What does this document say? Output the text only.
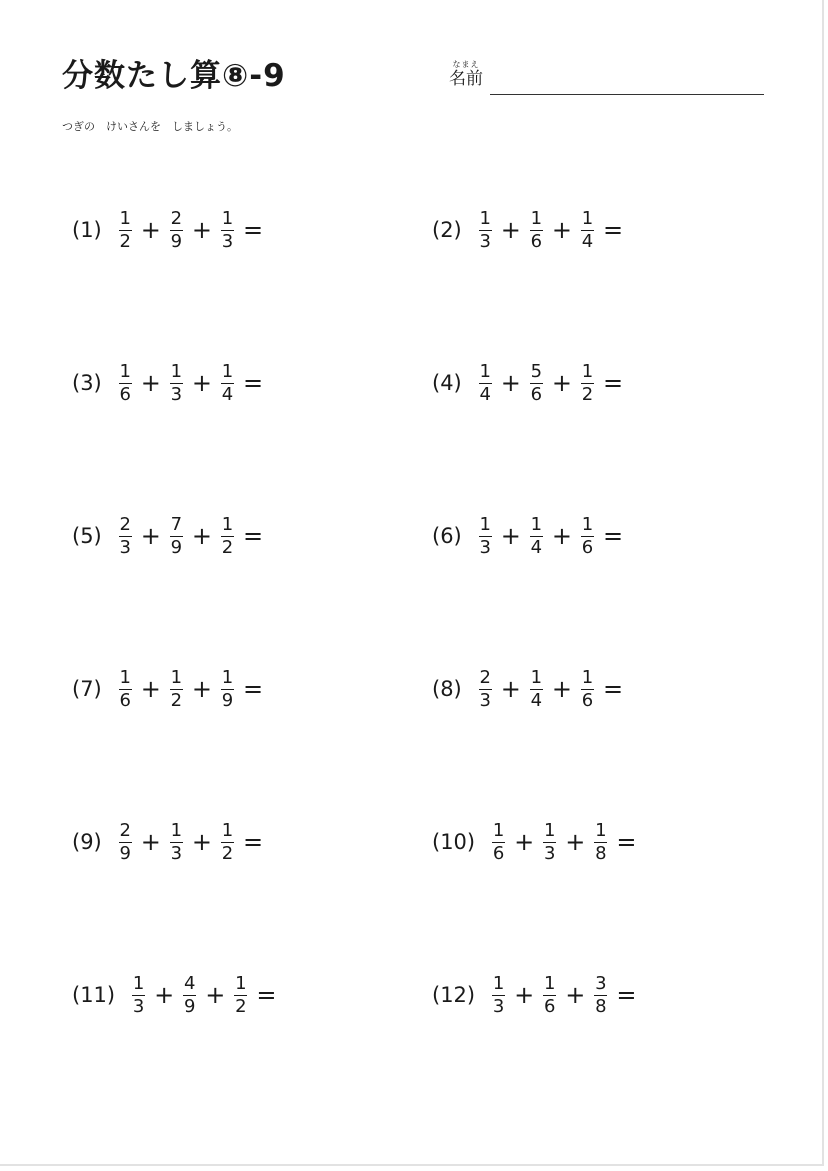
分数たし算⑧-9	なまえ
名前
つぎの　けいさんを　しましょう。
$(1) \frac{1}{2} + \frac{2}{9} + \frac{1}{3}$ =	$(2) \frac{1}{3} + \frac{1}{6} + \frac{1}{4}$ =
$(3) \frac{1}{6} + \frac{1}{3} + \frac{1}{4}$ =	$(4) \frac{1}{4} + \frac{5}{6} + \frac{1}{2}$ =
$(5) \frac{2}{3} + \frac{7}{9} + \frac{1}{2}$ =	$(6) \frac{1}{3} + \frac{1}{4} + \frac{1}{6}$ =
$(7) \frac{1}{6} + \frac{1}{2} + \frac{1}{9}$ =	$(8) \frac{2}{3} + \frac{1}{4} + \frac{1}{6}$ =
$(9) \frac{2}{9} + \frac{1}{3} + \frac{1}{2}$ =	$(10) \frac{1}{6} + \frac{1}{3} + \frac{1}{8}$ =
$(11) \frac{1}{3} + \frac{4}{9} + \frac{1}{2}$ =	$(12) \frac{1}{3} + \frac{1}{6} + \frac{3}{8}$ =
